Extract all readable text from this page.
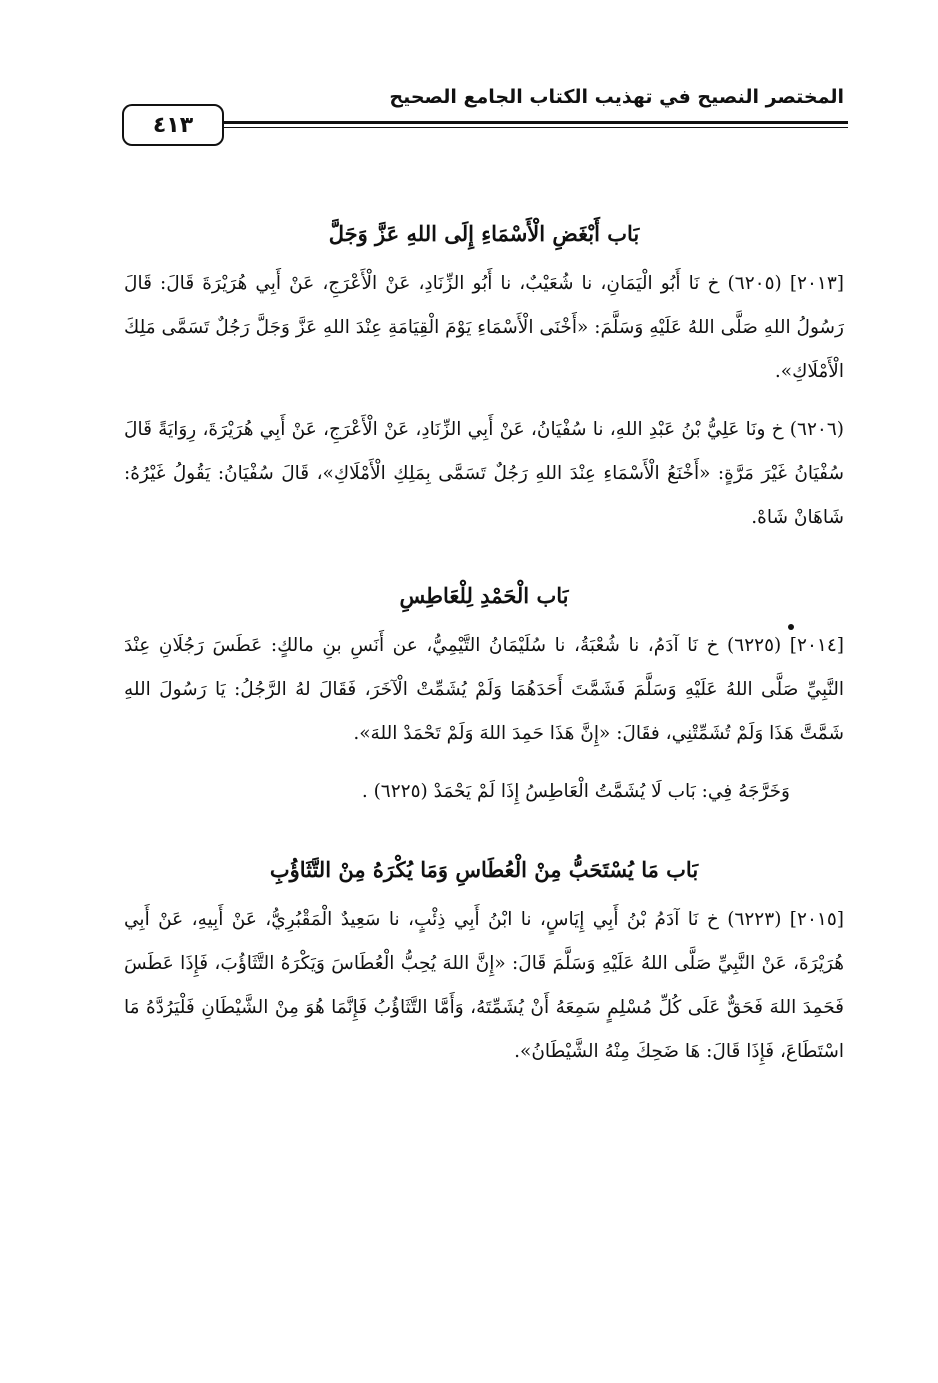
المختصر النصيح في تهذيب الكتاب الجامع الصحيح
٤١٣
بَاب أَبْغَضِ الْأَسْمَاءِ إِلَى اللهِ عَزَّ وَجَلَّ

[٢٠١٣] (٦٢٠٥) خ نَا أَبُو الْيَمَانِ، نا شُعَيْبٌ، نا أَبُو الزِّنَادِ، عَنْ الْأَعْرَجِ، عَنْ أَبِي هُرَيْرَةَ قَالَ: قَالَ رَسُولُ اللهِ صَلَّى اللهُ عَلَيْهِ وَسَلَّمَ: «أَخْنَى الْأَسْمَاءِ يَوْمَ الْقِيَامَةِ عِنْدَ اللهِ عَزَّ وَجَلَّ رَجُلٌ تَسَمَّى مَلِكَ الْأَمْلَاكِ».

(٦٢٠٦) خ ونَا عَلِيُّ بْنُ عَبْدِ اللهِ، نا سُفْيَانُ، عَنْ أَبِي الزِّنَادِ، عَنْ الْأَعْرَجِ، عَنْ أَبِي هُرَيْرَةَ، رِوَايَةً قَالَ سُفْيَانُ غَيْرَ مَرَّةٍ: «أَخْنَعُ الْأَسْمَاءِ عِنْدَ اللهِ رَجُلٌ تَسَمَّى بِمَلِكِ الْأَمْلَاكِ»، قَالَ سُفْيَانُ: يَقُولُ غَيْرُهُ: شَاهَانْ شَاهْ.

بَاب الْحَمْدِ لِلْعَاطِسِ

[٢٠١٤] (٦٢٢٥) خ نَا آدَمُ، نا شُعْبَةُ، نا سُلَيْمَانُ التَّيْمِيُّ، عن أَنَسِ بنِ مالكٍ: عَطَسَ رَجُلَانِ عِنْدَ النَّبِيِّ صَلَّى اللهُ عَلَيْهِ وَسَلَّمَ فَشَمَّتَ أَحَدَهُمَا وَلَمْ يُشَمِّتْ الْآخَرَ، فَقَالَ لهُ الرَّجُلُ: يَا رَسُولَ اللهِ شَمَّتَّ هَذَا وَلَمْ تُشَمِّتْنِي، فقَالَ: «إِنَّ هَذَا حَمِدَ اللهَ وَلَمْ تَحْمَدْ اللهَ».

وَخَرَّجَهُ فِي: بَاب لَا يُشَمَّتُ الْعَاطِسُ إِذَا لَمْ يَحْمَدْ (٦٢٢٥) .

بَاب مَا يُسْتَحَبُّ مِنْ الْعُطَاسِ وَمَا يُكْرَهُ مِنْ التَّثَاؤُبِ

[٢٠١٥] (٦٢٢٣) خ نَا آدَمُ بْنُ أَبِي إِيَاسٍ، نا ابْنُ أَبِي ذِئْبٍ، نا سَعِيدٌ الْمَقْبُرِيُّ، عَنْ أَبِيهِ، عَنْ أَبِي هُرَيْرَةَ، عَنْ النَّبِيِّ صَلَّى اللهُ عَلَيْهِ وَسَلَّمَ قَالَ: «إِنَّ اللهَ يُحِبُّ الْعُطَاسَ وَيَكْرَهُ التَّثَاؤُبَ، فَإِذَا عَطَسَ فَحَمِدَ اللهَ فَحَقٌّ عَلَى كُلِّ مُسْلِمٍ سَمِعَهُ أَنْ يُشَمِّتَهُ، وَأَمَّا التَّثَاؤُبُ فَإِنَّمَا هُوَ مِنْ الشَّيْطَانِ فَلْيَرُدَّهُ مَا اسْتَطَاعَ، فَإِذَا قَالَ: هَا ضَحِكَ مِنْهُ الشَّيْطَانُ».
